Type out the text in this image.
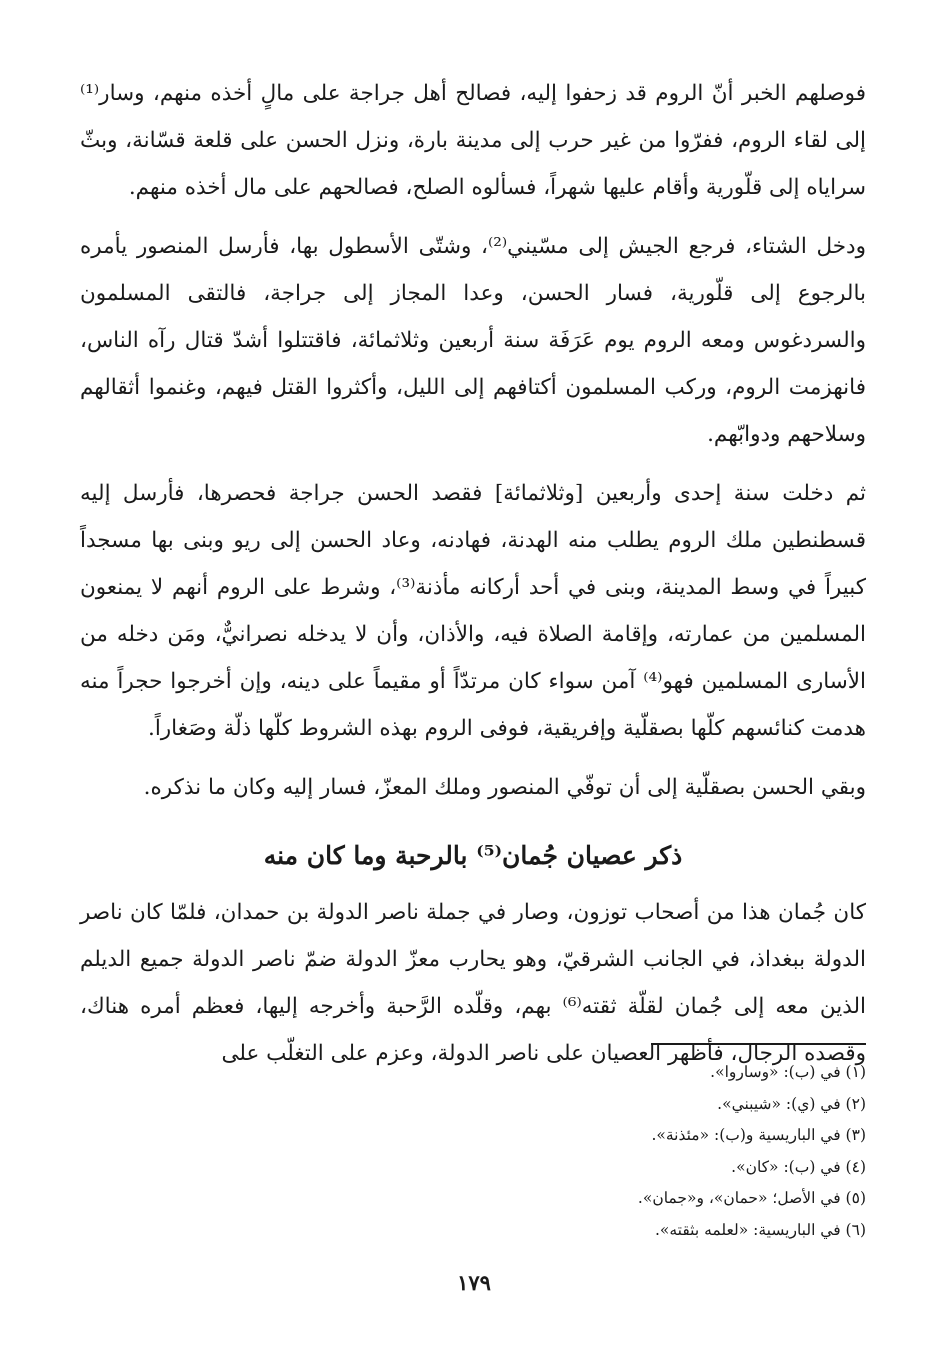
فوصلهم الخبر أنّ الروم قد زحفوا إليه، فصالح أهل جراجة على مالٍ أخذه منهم، وسار⁽¹⁾ إلى لقاء الروم، ففرّوا من غير حرب إلى مدينة بارة، ونزل الحسن على قلعة قسّانة، وبثّ سراياه إلى قلّورية وأقام عليها شهراً، فسألوه الصلح، فصالحهم على مال أخذه منهم.

ودخل الشتاء، فرجع الجيش إلى مسّيني⁽²⁾، وشتّى الأسطول بها، فأرسل المنصور يأمره بالرجوع إلى قلّورية، فسار الحسن، وعدا المجاز إلى جراجة، فالتقى المسلمون والسردغوس ومعه الروم يوم عَرَفَة سنة أربعين وثلاثمائة، فاقتتلوا أشدّ قتال رآه الناس، فانهزمت الروم، وركب المسلمون أكتافهم إلى الليل، وأكثروا القتل فيهم، وغنموا أثقالهم وسلاحهم ودوابّهم.

ثم دخلت سنة إحدى وأربعين [وثلاثمائة] فقصد الحسن جراجة فحصرها، فأرسل إليه قسطنطين ملك الروم يطلب منه الهدنة، فهادنه، وعاد الحسن إلى ريو وبنى بها مسجداً كبيراً في وسط المدينة، وبنى في أحد أركانه مأذنة⁽³⁾، وشرط على الروم أنهم لا يمنعون المسلمين من عمارته، وإقامة الصلاة فيه، والأذان، وأن لا يدخله نصرانيٌّ، ومَن دخله من الأسارى المسلمين فهو⁽⁴⁾ آمن سواء كان مرتدّاً أو مقيماً على دينه، وإن أخرجوا حجراً منه هدمت كنائسهم كلّها بصقلّية وإفريقية، فوفى الروم بهذه الشروط كلّها ذلّة وصَغاراً.

وبقي الحسن بصقلّية إلى أن توفّي المنصور وملك المعزّ، فسار إليه وكان ما نذكره.

ذكر عصيان جُمان⁽⁵⁾ بالرحبة وما كان منه

كان جُمان هذا من أصحاب توزون، وصار في جملة ناصر الدولة بن حمدان، فلمّا كان ناصر الدولة ببغداذ، في الجانب الشرقيّ، وهو يحارب معزّ الدولة ضمّ ناصر الدولة جميع الديلم الذين معه إلى جُمان لقلّة ثقته⁽⁶⁾ بهم، وقلّده الرَّحبة وأخرجه إليها، فعظم أمره هناك، وقصده الرجال، فأظهر العصيان على ناصر الدولة، وعزم على التغلّب على

(١) في (ب): «وساروا».

(٢) في (ي): «شيبني».

(٣) في الباريسية و(ب): «مئذنة».

(٤) في (ب): «كان».

(٥) في الأصل؛ «حمان»، و«جمان».

(٦) في الباريسية: «لعلمه بثقته».

١٧٩
